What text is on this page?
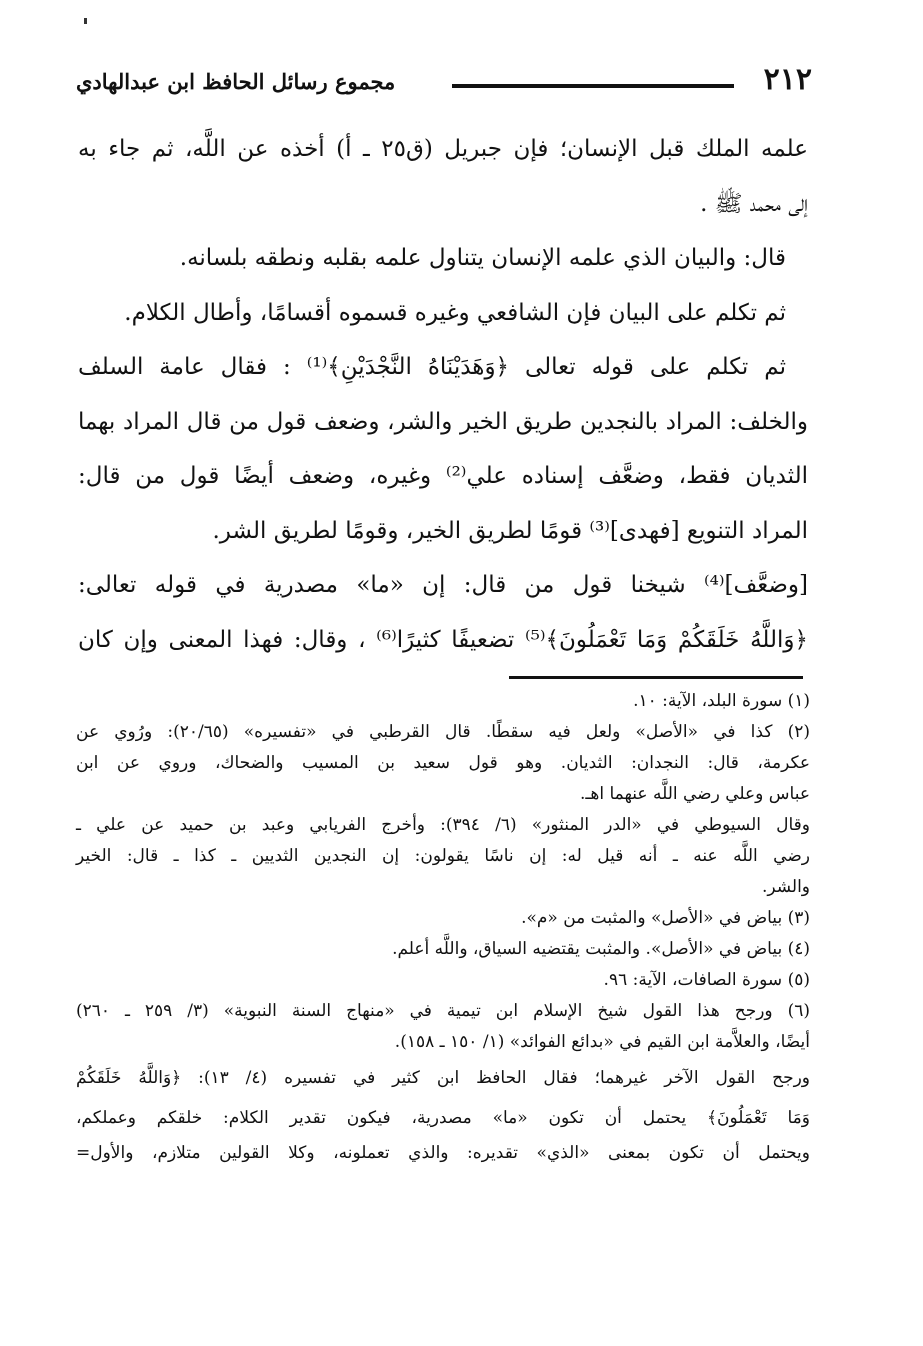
٢١٢
مجموع رسائل الحافظ ابن عبدالهادي
علمه الملك قبل الإنسان؛ فإن جبريل (ق٢٥ ـ أ) أخذه عن اللَّه، ثم جاء به
إلى محمد ﷺ .
قال: والبيان الذي علمه الإنسان يتناول علمه بقلبه ونطقه بلسانه.
ثم تكلم على البيان فإن الشافعي وغيره قسموه أقسامًا، وأطال الكلام.
ثم تكلم على قوله تعالى ﴿وَهَدَيْنَاهُ النَّجْدَيْنِ﴾⁽¹⁾ : فقال عامة السلف
والخلف: المراد بالنجدين طريق الخير والشر، وضعف قول من قال المراد بهما
الثديان فقط، وضعَّف إسناده علي⁽²⁾ وغيره، وضعف أيضًا قول من قال:
المراد التنويع [فهدى]⁽³⁾ قومًا لطريق الخير، وقومًا لطريق الشر.
[وضعَّف]⁽⁴⁾ شيخنا قول من قال: إن «ما» مصدرية في قوله تعالى:
﴿وَاللَّهُ خَلَقَكُمْ وَمَا تَعْمَلُونَ﴾⁽⁵⁾ تضعيفًا كثيرًا⁽⁶⁾ ، وقال: فهذا المعنى وإن كان
(١) سورة البلد، الآية: ١٠.
(٢) كذا في «الأصل» ولعل فيه سقطًا. قال القرطبي في «تفسيره» (٢٠/٦٥): ورُوي عن
عكرمة، قال: النجدان: الثديان. وهو قول سعيد بن المسيب والضحاك، وروي عن ابن
عباس وعلي رضي اللَّه عنهما اهـ.
وقال السيوطي في «الدر المنثور» (٦/ ٣٩٤): وأخرج الفريابي وعبد بن حميد عن علي ـ
رضي اللَّه عنه ـ أنه قيل له: إن ناسًا يقولون: إن النجدين الثديين ـ كذا ـ قال: الخير
والشر.
(٣) بياض في «الأصل» والمثبت من «م».
(٤) بياض في «الأصل». والمثبت يقتضيه السياق، واللَّه أعلم.
(٥) سورة الصافات، الآية: ٩٦.
(٦) ورجح هذا القول شيخ الإسلام ابن تيمية في «منهاج السنة النبوية» (٣/ ٢٥٩ ـ ٢٦٠)
أيضًا، والعلاَّمة ابن القيم في «بدائع الفوائد» (١/ ١٥٠ ـ ١٥٨).
ورجح القول الآخر غيرهما؛ فقال الحافظ ابن كثير في تفسيره (٤/ ١٣): ﴿وَاللَّهُ خَلَقَكُمْ
وَمَا تَعْمَلُونَ﴾ يحتمل أن تكون «ما» مصدرية، فيكون تقدير الكلام: خلقكم وعملكم،
ويحتمل أن تكون بمعنى «الذي» تقديره: والذي تعملونه، وكلا القولين متلازم، والأول=
